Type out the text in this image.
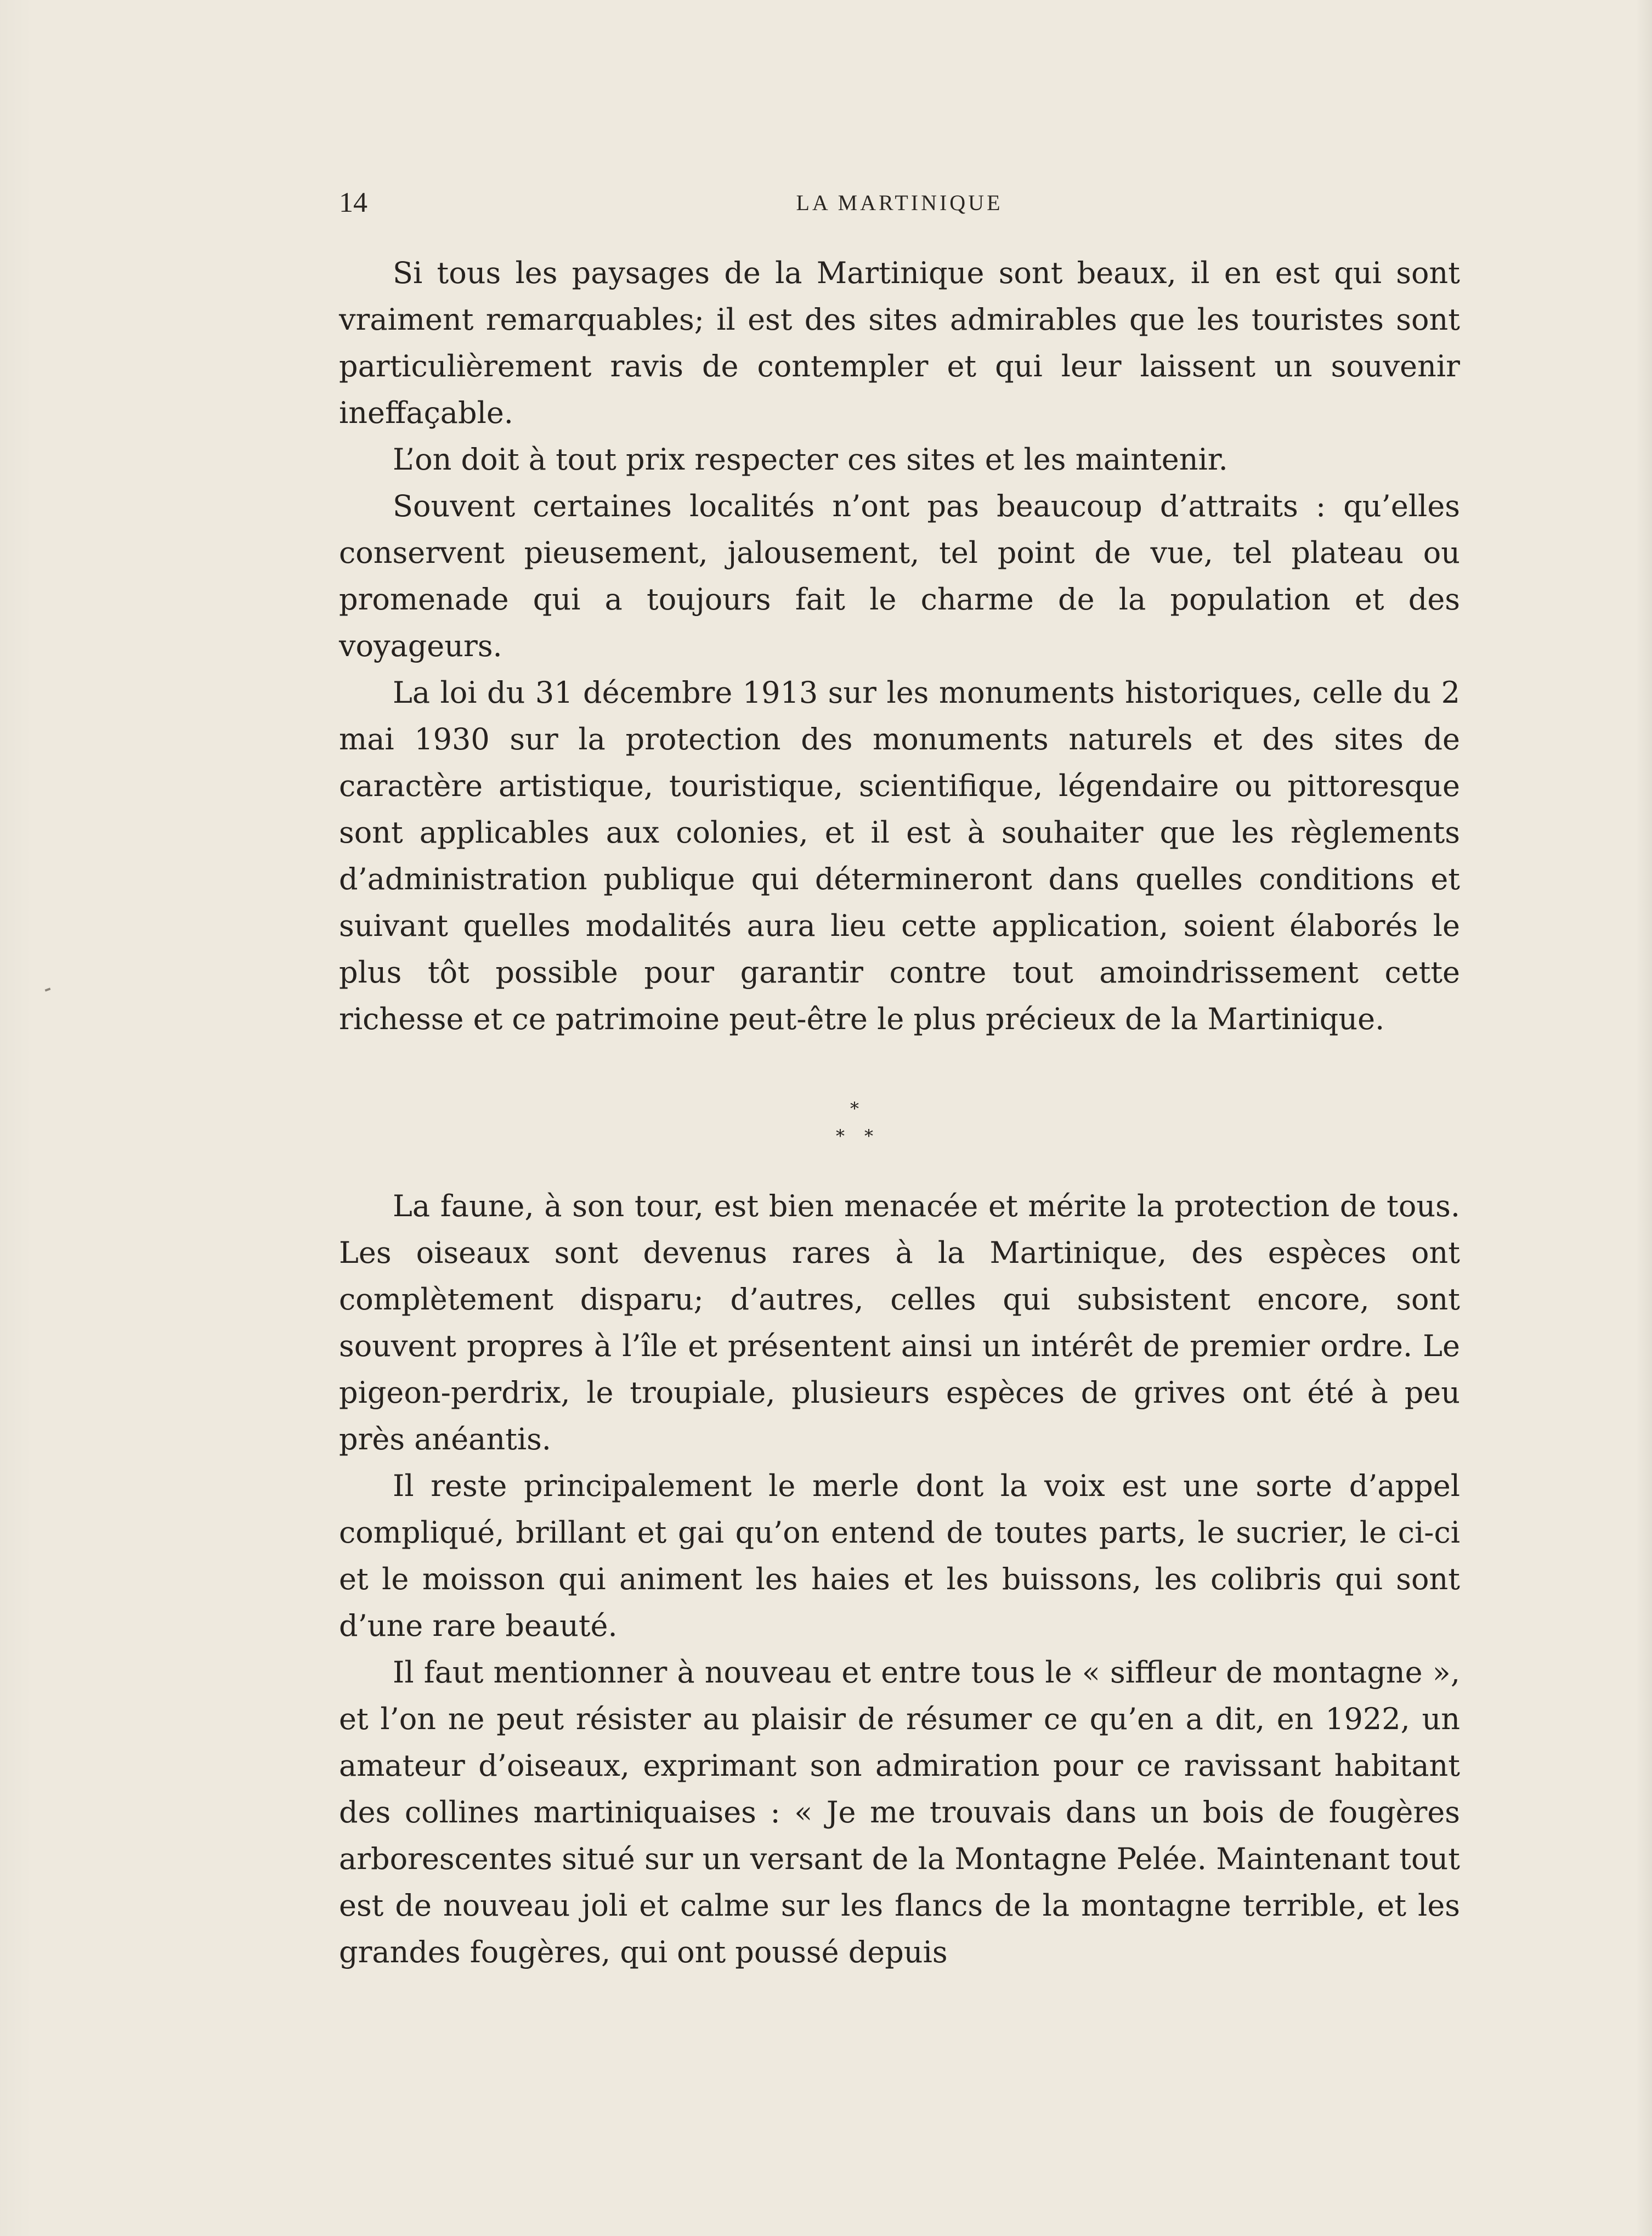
14	LA MARTINIQUE

Si tous les paysages de la Martinique sont beaux, il en est qui sont vraiment remarquables; il est des sites admirables que les touristes sont particulièrement ravis de contempler et qui leur laissent un souvenir ineffaçable.

L’on doit à tout prix respecter ces sites et les maintenir.

Souvent certaines localités n’ont pas beaucoup d’attraits : qu’elles conservent pieusement, jalousement, tel point de vue, tel plateau ou promenade qui a toujours fait le charme de la population et des voyageurs.

La loi du 31 décembre 1913 sur les monuments historiques, celle du 2 mai 1930 sur la protection des monuments naturels et des sites de caractère artistique, touristique, scientifique, légendaire ou pittoresque sont applicables aux colonies, et il est à souhaiter que les règlements d’administration publique qui détermineront dans quelles conditions et suivant quelles modalités aura lieu cette application, soient élaborés le plus tôt possible pour garantir contre tout amoindrissement cette richesse et ce patrimoine peut-être le plus précieux de la Martinique.

*
* *

La faune, à son tour, est bien menacée et mérite la protection de tous. Les oiseaux sont devenus rares à la Martinique, des espèces ont complètement disparu; d’autres, celles qui subsistent encore, sont souvent propres à l’île et présentent ainsi un intérêt de premier ordre. Le pigeon-perdrix, le troupiale, plusieurs espèces de grives ont été à peu près anéantis.

Il reste principalement le merle dont la voix est une sorte d’appel compliqué, brillant et gai qu’on entend de toutes parts, le sucrier, le ci-ci et le moisson qui animent les haies et les buissons, les colibris qui sont d’une rare beauté.

Il faut mentionner à nouveau et entre tous le « siffleur de montagne », et l’on ne peut résister au plaisir de résumer ce qu’en a dit, en 1922, un amateur d’oiseaux, exprimant son admiration pour ce ravissant habitant des collines martiniquaises : « Je me trouvais dans un bois de fougères arborescentes situé sur un versant de la Montagne Pelée. Maintenant tout est de nouveau joli et calme sur les flancs de la montagne terrible, et les grandes fougères, qui ont poussé depuis
